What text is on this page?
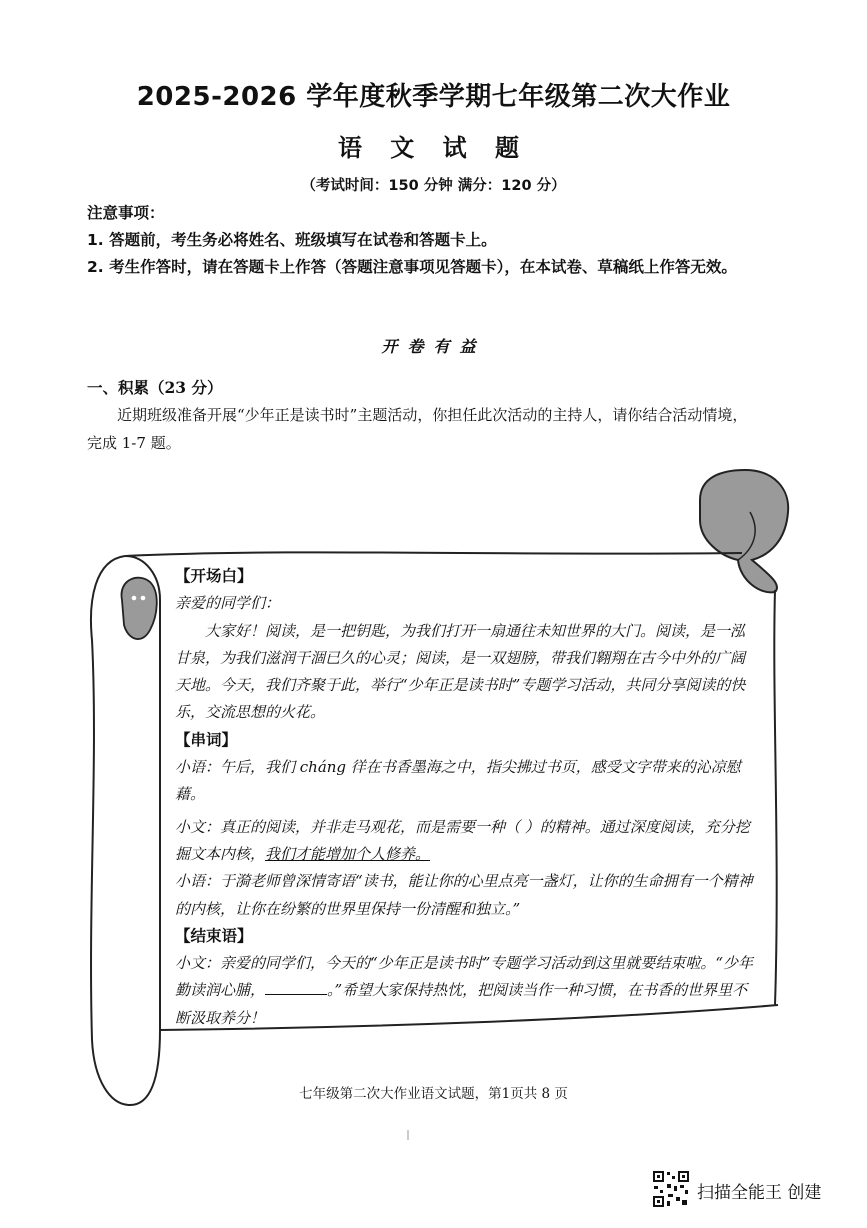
2025-2026 学年度秋季学期七年级第二次大作业
语 文 试 题
（考试时间：150 分钟 满分：120 分）
注意事项：
1. 答题前，考生务必将姓名、班级填写在试卷和答题卡上。
2. 考生作答时，请在答题卡上作答（答题注意事项见答题卡），在本试卷、草稿纸上作答无效。
开卷有益
一、积累（23 分）
近期班级准备开展“少年正是读书时”主题活动，你担任此次活动的主持人，请你结合活动情境，完成 1-7 题。
【开场白】
亲爱的同学们：
大家好！阅读，是一把钥匙，为我们打开一扇通往未知世界的大门。阅读，是一泓甘泉，为我们滋润干涸已久的心灵；阅读，是一双翅膀，带我们翱翔在古今中外的广阔天地。今天，我们齐聚于此，举行“少年正是读书时”专题学习活动，共同分享阅读的快乐，交流思想的火花。
【串词】
小语：午后，我们 cháng 徉在书香墨海之中，指尖拂过书页，感受文字带来的沁凉慰藉。
小文：真正的阅读，并非走马观花，而是需要一种（ ）的精神。通过深度阅读，充分挖掘文本内核，我们才能增加个人修养。
小语：于漪老师曾深情寄语“读书，能让你的心里点亮一盏灯，让你的生命拥有一个精神的内核，让你在纷繁的世界里保持一份清醒和独立。”
【结束语】
小文：亲爱的同学们，今天的“少年正是读书时”专题学习活动到这里就要结束啦。“少年勤读润心脯，	。”希望大家保持热忱，把阅读当作一种习惯，在书香的世界里不断汲取养分！
七年级第二次大作业语文试题，第1页共 8 页
扫描全能王 创建
